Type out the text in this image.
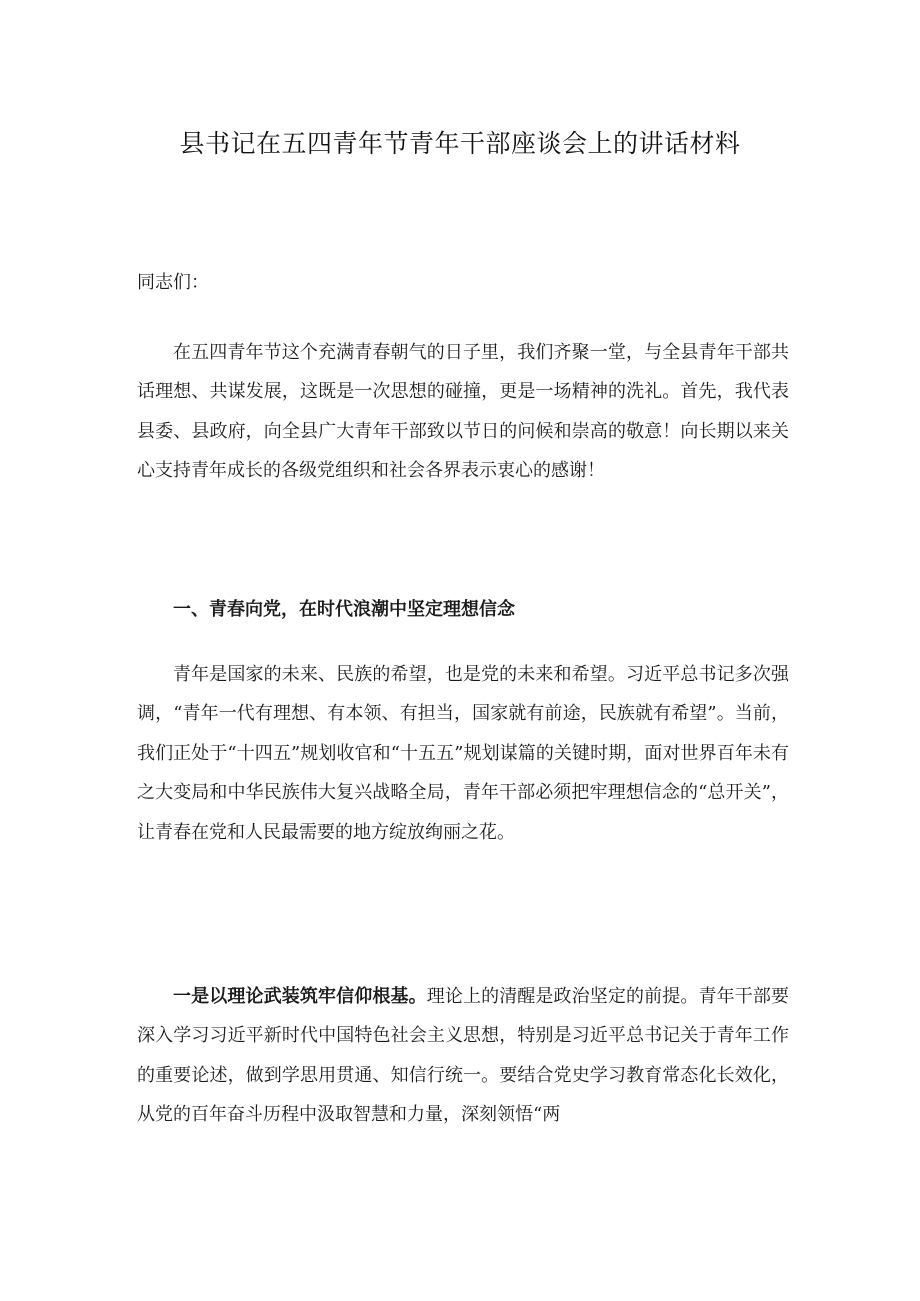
县书记在五四青年节青年干部座谈会上的讲话材料
同志们：

在五四青年节这个充满青春朝气的日子里，我们齐聚一堂，与全县青年干部共话理想、共谋发展，这既是一次思想的碰撞，更是一场精神的洗礼。首先，我代表县委、县政府，向全县广大青年干部致以节日的问候和崇高的敬意！向长期以来关心支持青年成长的各级党组织和社会各界表示衷心的感谢！

一、青春向党，在时代浪潮中坚定理想信念

青年是国家的未来、民族的希望，也是党的未来和希望。习近平总书记多次强调，“青年一代有理想、有本领、有担当，国家就有前途，民族就有希望”。当前，我们正处于“十四五”规划收官和“十五五”规划谋篇的关键时期，面对世界百年未有之大变局和中华民族伟大复兴战略全局，青年干部必须把牢理想信念的“总开关”，让青春在党和人民最需要的地方绽放绚丽之花。

一是以理论武装筑牢信仰根基。理论上的清醒是政治坚定的前提。青年干部要深入学习习近平新时代中国特色社会主义思想，特别是习近平总书记关于青年工作的重要论述，做到学思用贯通、知信行统一。要结合党史学习教育常态化长效化，从党的百年奋斗历程中汲取智慧和力量，深刻领悟“两
